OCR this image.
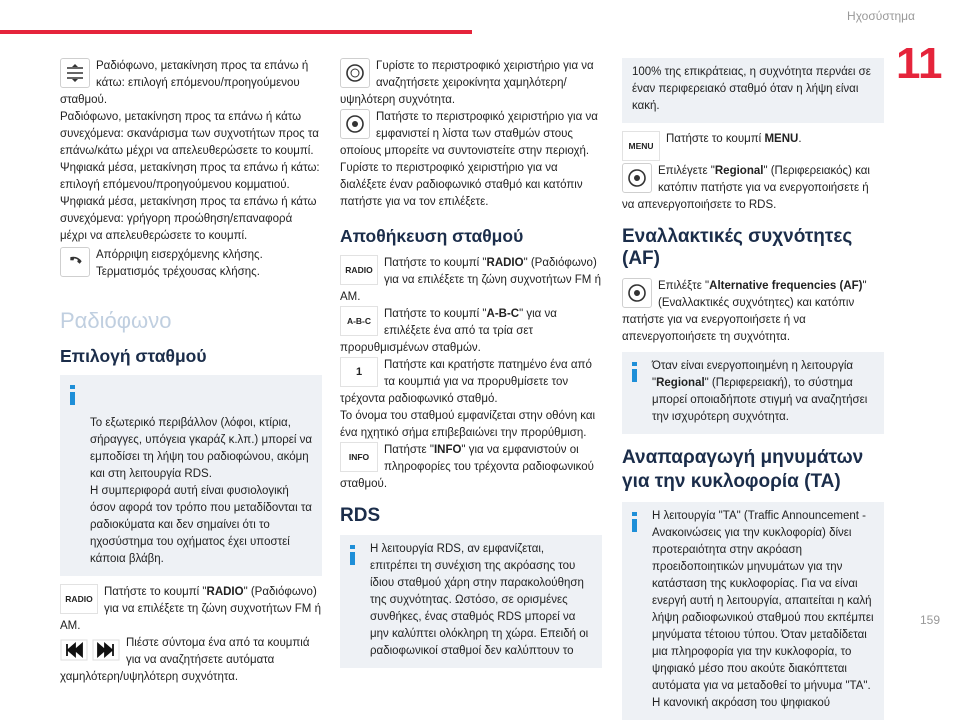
Ηχοσύστημα
11
159

Ραδιόφωνο, μετακίνηση προς τα επάνω ή κάτω: επιλογή επόμενου/προηγούμενου σταθμού.

Ραδιόφωνο, μετακίνηση προς τα επάνω ή κάτω συνεχόμενα: σκανάρισμα των συχνοτήτων προς τα επάνω/κάτω μέχρι να απελευθερώσετε το κουμπί.

Ψηφιακά μέσα, μετακίνηση προς τα επάνω ή κάτω: επιλογή επόμενου/προηγούμενου κομματιού.

Ψηφιακά μέσα, μετακίνηση προς τα επάνω ή κάτω συνεχόμενα: γρήγορη προώθηση/επαναφορά μέχρι να απελευθερώσετε το κουμπί.

Απόρριψη εισερχόμενης κλήσης.

Τερματισμός τρέχουσας κλήσης.

Ραδιόφωνο
Επιλογή σταθμού

Το εξωτερικό περιβάλλον (λόφοι, κτίρια, σήραγγες, υπόγεια γκαράζ κ.λπ.) μπορεί να εμποδίσει τη λήψη του ραδιοφώνου, ακόμη και στη λειτουργία RDS.
Η συμπεριφορά αυτή είναι φυσιολογική όσον αφορά τον τρόπο που μεταδίδονται τα ραδιοκύματα και δεν σημαίνει ότι το ηχοσύστημα του οχήματος έχει υποστεί κάποια βλάβη.

RADIO

Πατήστε το κουμπί "RADIO" (Ραδιόφωνο) για να επιλέξετε τη ζώνη συχνοτήτων FM ή AM.

Πιέστε σύντομα ένα από τα κουμπιά για να αναζητήσετε αυτόματα χαμηλότερη/υψηλότερη συχνότητα.

Γυρίστε το περιστροφικό χειριστήριο για να αναζητήσετε χειροκίνητα χαμηλότερη/υψηλότερη συχνότητα.

Πατήστε το περιστροφικό χειριστήριο για να εμφανιστεί η λίστα των σταθμών στους οποίους μπορείτε να συντονιστείτε στην περιοχή.

Γυρίστε το περιστροφικό χειριστήριο για να διαλέξετε έναν ραδιοφωνικό σταθμό και κατόπιν πατήστε για να τον επιλέξετε.

Αποθήκευση σταθμού
RADIO

Πατήστε το κουμπί "RADIO" (Ραδιόφωνο) για να επιλέξετε τη ζώνη συχνοτήτων FM ή AM.

A-B-C

Πατήστε το κουμπί "A-B-C" για να επιλέξετε ένα από τα τρία σετ προρυθμισμένων σταθμών.

1

Πατήστε και κρατήστε πατημένο ένα από τα κουμπιά για να προρυθμίσετε τον τρέχοντα ραδιοφωνικό σταθμό.

Το όνομα του σταθμού εμφανίζεται στην οθόνη και ένα ηχητικό σήμα επιβεβαιώνει την προρύθμιση.

INFO

Πατήστε "INFO" για να εμφανιστούν οι πληροφορίες του τρέχοντα ραδιοφωνικού σταθμού.

RDS
Η λειτουργία RDS, αν εμφανίζεται, επιτρέπει τη συνέχιση της ακρόασης του ίδιου σταθμού χάρη στην παρακολούθηση της συχνότητας. Ωστόσο, σε ορισμένες συνθήκες, ένας σταθμός RDS μπορεί να μην καλύπτει ολόκληρη τη χώρα. Επειδή οι ραδιοφωνικοί σταθμοί δεν καλύπτουν το
100% της επικράτειας, η συχνότητα περνάει σε έναν περιφερειακό σταθμό όταν η λήψη είναι κακή.
MENU

Πατήστε το κουμπί MENU.

Επιλέγετε "Regional" (Περιφερειακός) και κατόπιν πατήστε για να ενεργοποιήσετε ή να απενεργοποιήσετε το RDS.

Εναλλακτικές συχνότητες (AF)

Επιλέξτε "Alternative frequencies (AF)" (Εναλλακτικές συχνότητες) και κατόπιν πατήστε για να ενεργοποιήσετε ή να απενεργοποιήσετε τη συχνότητα.

Όταν είναι ενεργοποιημένη η λειτουργία "Regional" (Περιφερειακή), το σύστημα μπορεί οποιαδήποτε στιγμή να αναζητήσει την ισχυρότερη συχνότητα.
Αναπαραγωγή μηνυμάτων για την κυκλοφορία (TA)
Η λειτουργία "TA" (Traffic Announcement - Ανακοινώσεις για την κυκλοφορία) δίνει προτεραιότητα στην ακρόαση προειδοποιητικών μηνυμάτων για την κατάσταση της κυκλοφορίας. Για να είναι ενεργή αυτή η λειτουργία, απαιτείται η καλή λήψη ραδιοφωνικού σταθμού που εκπέμπει μηνύματα τέτοιου τύπου. Όταν μεταδίδεται μια πληροφορία για την κυκλοφορία, το ψηφιακό μέσο που ακούτε διακόπτεται αυτόματα για να μεταδοθεί το μήνυμα "TA". Η κανονική ακρόαση του ψηφιακού
